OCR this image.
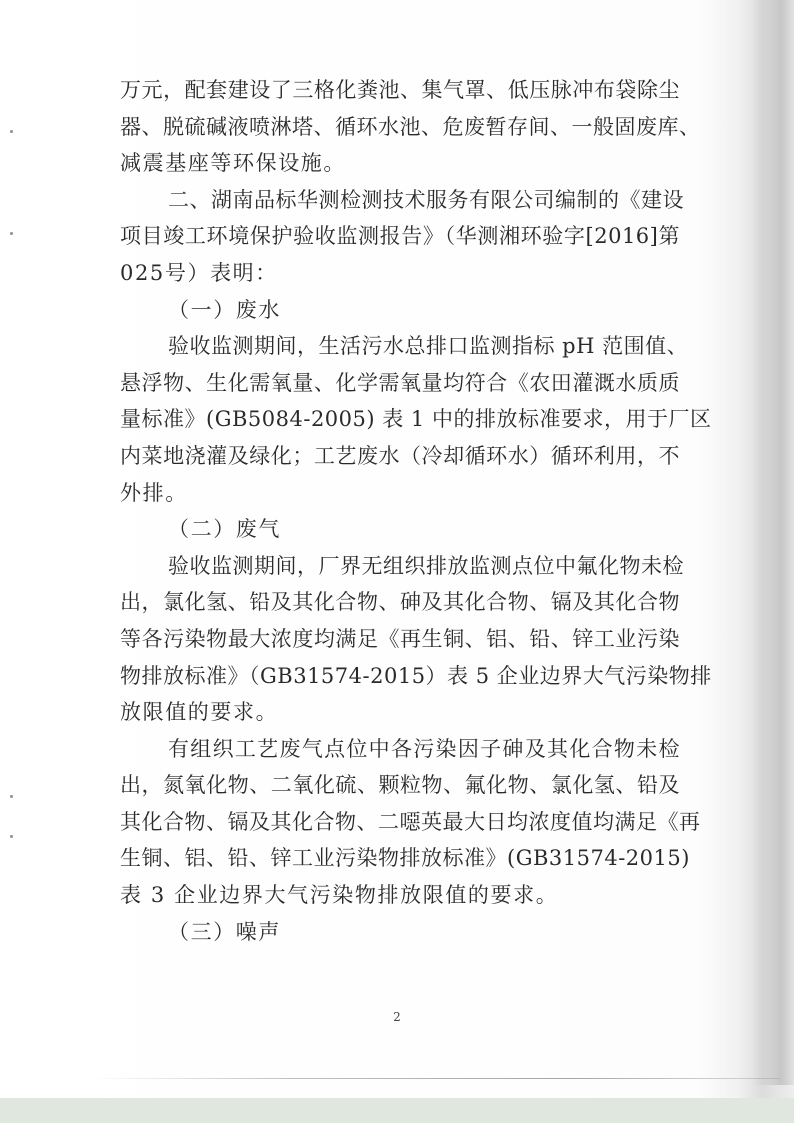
万元，配套建设了三格化粪池、集气罩、低压脉冲布袋除尘
器、脱硫碱液喷淋塔、循环水池、危废暂存间、一般固废库、
减震基座等环保设施。
二、湖南品标华测检测技术服务有限公司编制的《建设
项目竣工环境保护验收监测报告》（华测湘环验字[2016]第
025号）表明：
（一）废水
验收监测期间，生活污水总排口监测指标 pH 范围值、
悬浮物、生化需氧量、化学需氧量均符合《农田灌溉水质质
量标准》(GB5084-2005) 表 1 中的排放标准要求，用于厂区
内菜地浇灌及绿化；工艺废水（冷却循环水）循环利用，不
外排。
（二）废气
验收监测期间，厂界无组织排放监测点位中氟化物未检
出，氯化氢、铅及其化合物、砷及其化合物、镉及其化合物
等各污染物最大浓度均满足《再生铜、铝、铅、锌工业污染
物排放标准》（GB31574-2015）表 5 企业边界大气污染物排
放限值的要求。
有组织工艺废气点位中各污染因子砷及其化合物未检
出，氮氧化物、二氧化硫、颗粒物、氟化物、氯化氢、铅及
其化合物、镉及其化合物、二噁英最大日均浓度值均满足《再
生铜、铝、铅、锌工业污染物排放标准》(GB31574-2015)
表 3 企业边界大气污染物排放限值的要求。
（三）噪声
2
